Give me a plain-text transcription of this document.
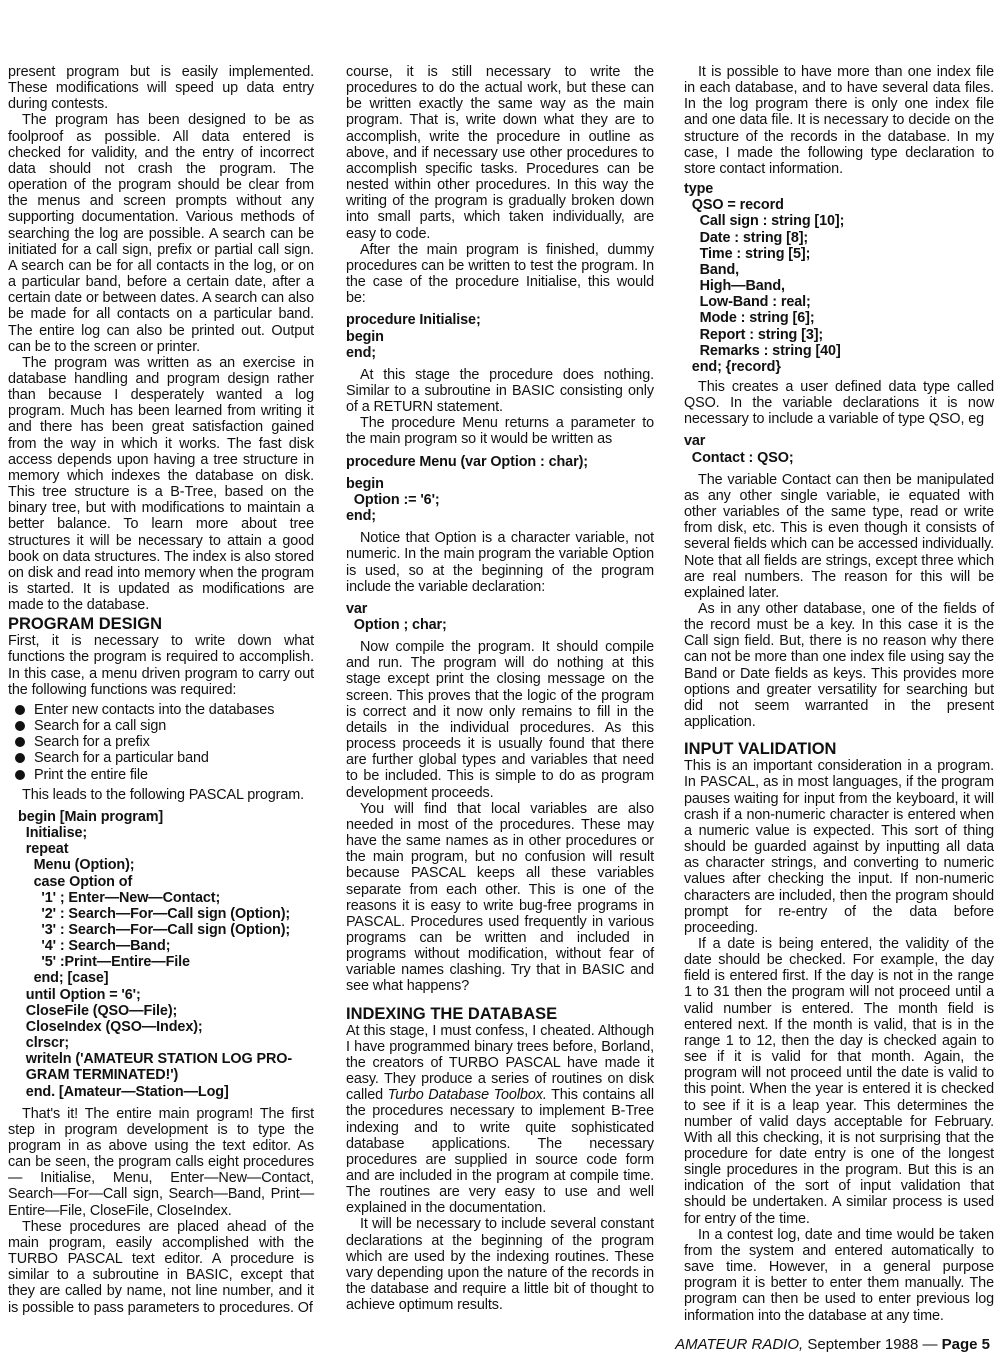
present program but is easily implemented. These modifications will speed up data entry during contests.

The program has been designed to be as foolproof as possible. All data entered is checked for validity, and the entry of incorrect data should not crash the program. The operation of the program should be clear from the menus and screen prompts without any supporting documentation. Various methods of searching the log are possible. A search can be initiated for a call sign, prefix or partial call sign. A search can be for all contacts in the log, or on a particular band, before a certain date, after a certain date or between dates. A search can also be made for all contacts on a particular band. The entire log can also be printed out. Output can be to the screen or printer.

The program was written as an exercise in database handling and program design rather than because I desperately wanted a log program. Much has been learned from writing it and there has been great satisfaction gained from the way in which it works. The fast disk access depends upon having a tree structure in memory which indexes the database on disk. This tree structure is a B-Tree, based on the binary tree, but with modifications to maintain a better balance. To learn more about tree structures it will be necessary to attain a good book on data structures. The index is also stored on disk and read into memory when the program is started. It is updated as modifications are made to the database.

PROGRAM DESIGN

First, it is necessary to write down what functions the program is required to accomplish. In this case, a menu driven program to carry out the following functions was required:

Enter new contacts into the databases
Search for a call sign
Search for a prefix
Search for a particular band
Print the entire file

This leads to the following PASCAL program.

begin [Main program]
Initialise;
repeat
Menu (Option);
case Option of
'1' ; Enter—New—Contact;
'2' : Search—For—Call sign (Option);
'3' : Search—For—Call sign (Option);
'4' : Search—Band;
'5' :Print—Entire—File
end; [case]
until Option = '6';
CloseFile (QSO—File);
CloseIndex (QSO—Index);
clrscr;
writeln ('AMATEUR STATION LOG PRO-
GRAM TERMINATED!')
end. [Amateur—Station—Log]

That's it! The entire main program! The first step in program development is to type the program in as above using the text editor. As can be seen, the program calls eight procedures — Initialise, Menu, Enter—New—Contact, Search—For—Call sign, Search—Band, Print—Entire—File, CloseFile, CloseIndex.

These procedures are placed ahead of the main program, easily accomplished with the TURBO PASCAL text editor. A procedure is similar to a subroutine in BASIC, except that they are called by name, not line number, and it is possible to pass parameters to procedures. Of

course, it is still necessary to write the procedures to do the actual work, but these can be written exactly the same way as the main program. That is, write down what they are to accomplish, write the procedure in outline as above, and if necessary use other procedures to accomplish specific tasks. Procedures can be nested within other procedures. In this way the writing of the program is gradually broken down into small parts, which taken individually, are easy to code.

After the main program is finished, dummy procedures can be written to test the program. In the case of the procedure Initialise, this would be:

procedure Initialise;
begin
end;

At this stage the procedure does nothing. Similar to a subroutine in BASIC consisting only of a RETURN statement.

The procedure Menu returns a parameter to the main program so it would be written as

procedure Menu (var Option : char);
begin
Option := '6';
end;

Notice that Option is a character variable, not numeric. In the main program the variable Option is used, so at the beginning of the program include the variable declaration:

var
Option ; char;

Now compile the program. It should compile and run. The program will do nothing at this stage except print the closing message on the screen. This proves that the logic of the program is correct and it now only remains to fill in the details in the individual procedures. As this process proceeds it is usually found that there are further global types and variables that need to be included. This is simple to do as program development proceeds.

You will find that local variables are also needed in most of the procedures. These may have the same names as in other procedures or the main program, but no confusion will result because PASCAL keeps all these variables separate from each other. This is one of the reasons it is easy to write bug-free programs in PASCAL. Procedures used frequently in various programs can be written and included in programs without modification, without fear of variable names clashing. Try that in BASIC and see what happens?

INDEXING THE DATABASE

At this stage, I must confess, I cheated. Although I have programmed binary trees before, Borland, the creators of TURBO PASCAL have made it easy. They produce a series of routines on disk called Turbo Database Toolbox. This contains all the procedures necessary to implement B-Tree indexing and to write quite sophisticated database applications. The necessary procedures are supplied in source code form and are included in the program at compile time. The routines are very easy to use and well explained in the documentation.

It will be necessary to include several constant declarations at the beginning of the program which are used by the indexing routines. These vary depending upon the nature of the records in the database and require a little bit of thought to achieve optimum results.

It is possible to have more than one index file in each database, and to have several data files. In the log program there is only one index file and one data file. It is necessary to decide on the structure of the records in the database. In my case, I made the following type declaration to store contact information.

type
QSO = record
Call sign : string [10];
Date : string [8];
Time : string [5];
Band,
High—Band,
Low-Band : real;
Mode : string [6];
Report : string [3];
Remarks : string [40]
end; {record}

This creates a user defined data type called QSO. In the variable declarations it is now necessary to include a variable of type QSO, eg

var
Contact : QSO;

The variable Contact can then be manipulated as any other single variable, ie equated with other variables of the same type, read or write from disk, etc. This is even though it consists of several fields which can be accessed individually. Note that all fields are strings, except three which are real numbers. The reason for this will be explained later.

As in any other database, one of the fields of the record must be a key. In this case it is the Call sign field. But, there is no reason why there can not be more than one index file using say the Band or Date fields as keys. This provides more options and greater versatility for searching but did not seem warranted in the present application.

INPUT VALIDATION

This is an important consideration in a program. In PASCAL, as in most languages, if the program pauses waiting for input from the keyboard, it will crash if a non-numeric character is entered when a numeric value is expected. This sort of thing should be guarded against by inputting all data as character strings, and converting to numeric values after checking the input. If non-numeric characters are included, then the program should prompt for re-entry of the data before proceeding.

If a date is being entered, the validity of the date should be checked. For example, the day field is entered first. If the day is not in the range 1 to 31 then the program will not proceed until a valid number is entered. The month field is entered next. If the month is valid, that is in the range 1 to 12, then the day is checked again to see if it is valid for that month. Again, the program will not proceed until the date is valid to this point. When the year is entered it is checked to see if it is a leap year. This determines the number of valid days acceptable for February. With all this checking, it is not surprising that the procedure for date entry is one of the longest single procedures in the program. But this is an indication of the sort of input validation that should be undertaken. A similar process is used for entry of the time.

In a contest log, date and time would be taken from the system and entered automatically to save time. However, in a general purpose program it is better to enter them manually. The program can then be used to enter previous log information into the database at any time.

AMATEUR RADIO, September 1988 — Page 5
